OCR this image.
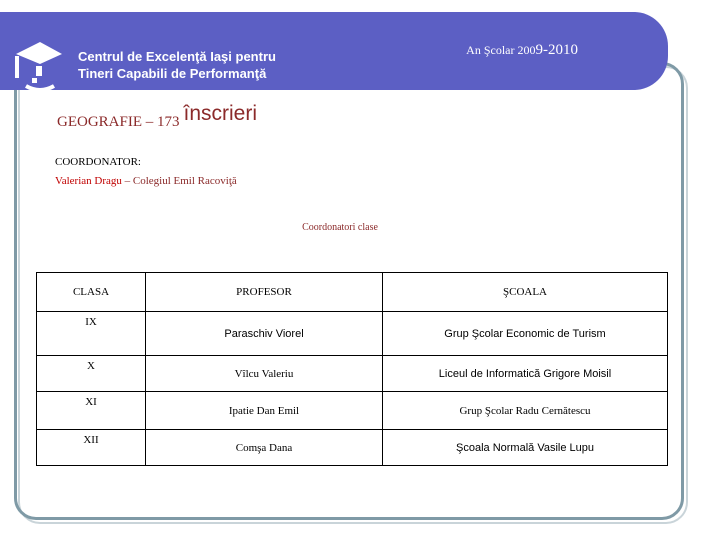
Centrul de Excelenţă Iaşi pentru
Tineri Capabili de Performanţă
An Şcolar 2009-2010
GEOGRAFIE – 173 înscrieri
COORDONATOR:
Valerian Dragu – Colegiul Emil Racoviţă
Coordonatori clase
CLASA	PROFESOR	ŞCOALA
IX	Paraschiv Viorel	Grup Şcolar Economic de Turism
X	Vîlcu Valeriu	Liceul de Informatică Grigore Moisil
XI	Ipatie Dan Emil	Grup Şcolar Radu Cernătescu
XII	Comşa Dana	Şcoala Normală Vasile Lupu
